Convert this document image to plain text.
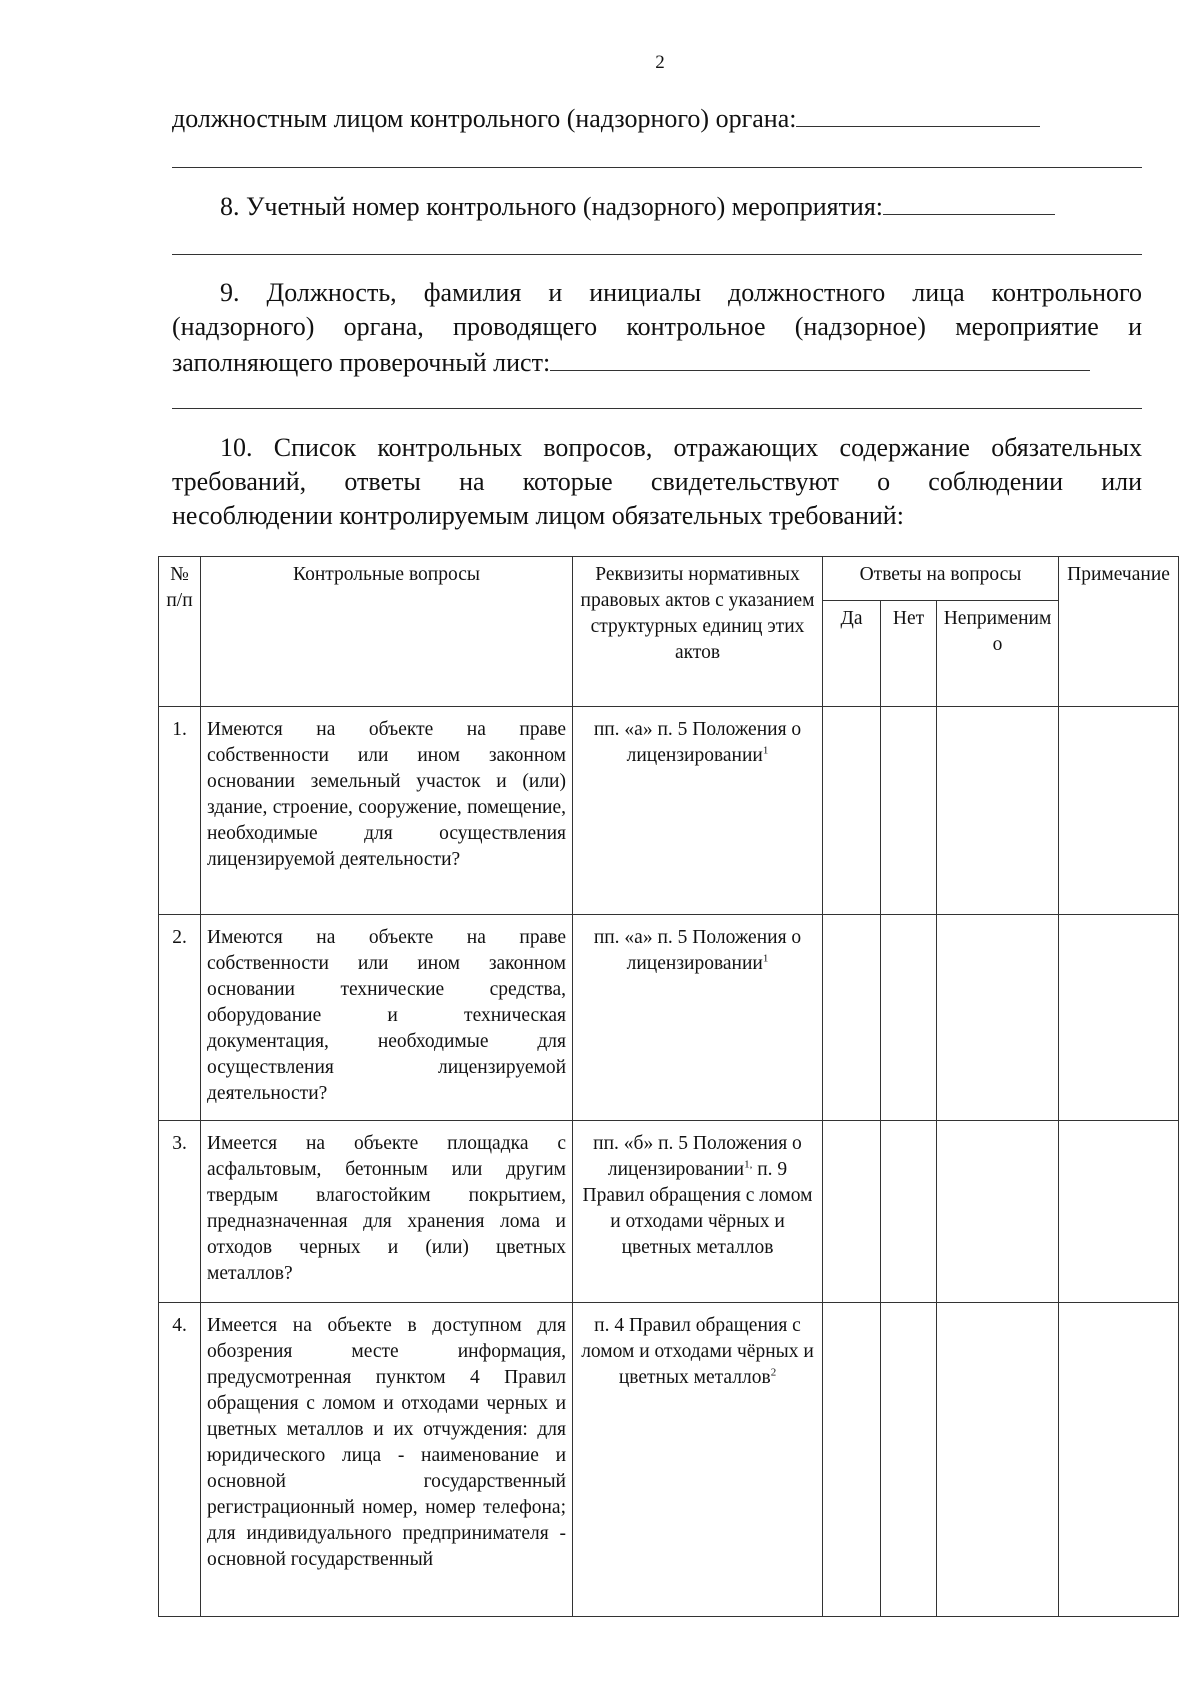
2
должностным лицом контрольного (надзорного) органа:
8. Учетный номер контрольного (надзорного) мероприятия:
9. Должность, фамилия и инициалы должностного лица контрольного
(надзорного) органа, проводящего контрольное (надзорное) мероприятие и
заполняющего проверочный лист:
10. Список контрольных вопросов, отражающих содержание обязательных
требований, ответы на которые свидетельствуют о соблюдении или
несоблюдении контролируемым лицом обязательных требований:
№ п/п	Контрольные вопросы	Реквизиты нормативных правовых актов с указанием структурных единиц этих актов	Ответы на вопросы			Примечание
			Да	Нет	Неприменимо	
1.	Имеются на объекте на праве собственности или ином законном основании земельный участок и (или) здание, строение, сооружение, помещение, необходимые для осуществления лицензируемой деятельности?	пп. «а» п. 5 Положения о лицензировании$^1$				
2.	Имеются на объекте на праве собственности или ином законном основании технические средства, оборудование и техническая документация, необходимые для осуществления лицензируемой деятельности?	пп. «а» п. 5 Положения о лицензировании$^1$				
3.	Имеется на объекте площадка с асфальтовым, бетонным или другим твердым влагостойким покрытием, предназначенная для хранения лома и отходов черных и (или) цветных металлов?	пп. «б» п. 5 Положения о лицензировании$^{1,}$ п. 9 Правил обращения с ломом и отходами чёрных и цветных металлов				
4.	Имеется на объекте в доступном для обозрения месте информация, предусмотренная пунктом 4 Правил обращения с ломом и отходами черных и цветных металлов и их отчуждения: для юридического лица - наименование и основной государственный регистрационный номер, номер телефона; для индивидуального предпринимателя - основной государственный	п. 4 Правил обращения с ломом и отходами чёрных и цветных металлов$^2$				
